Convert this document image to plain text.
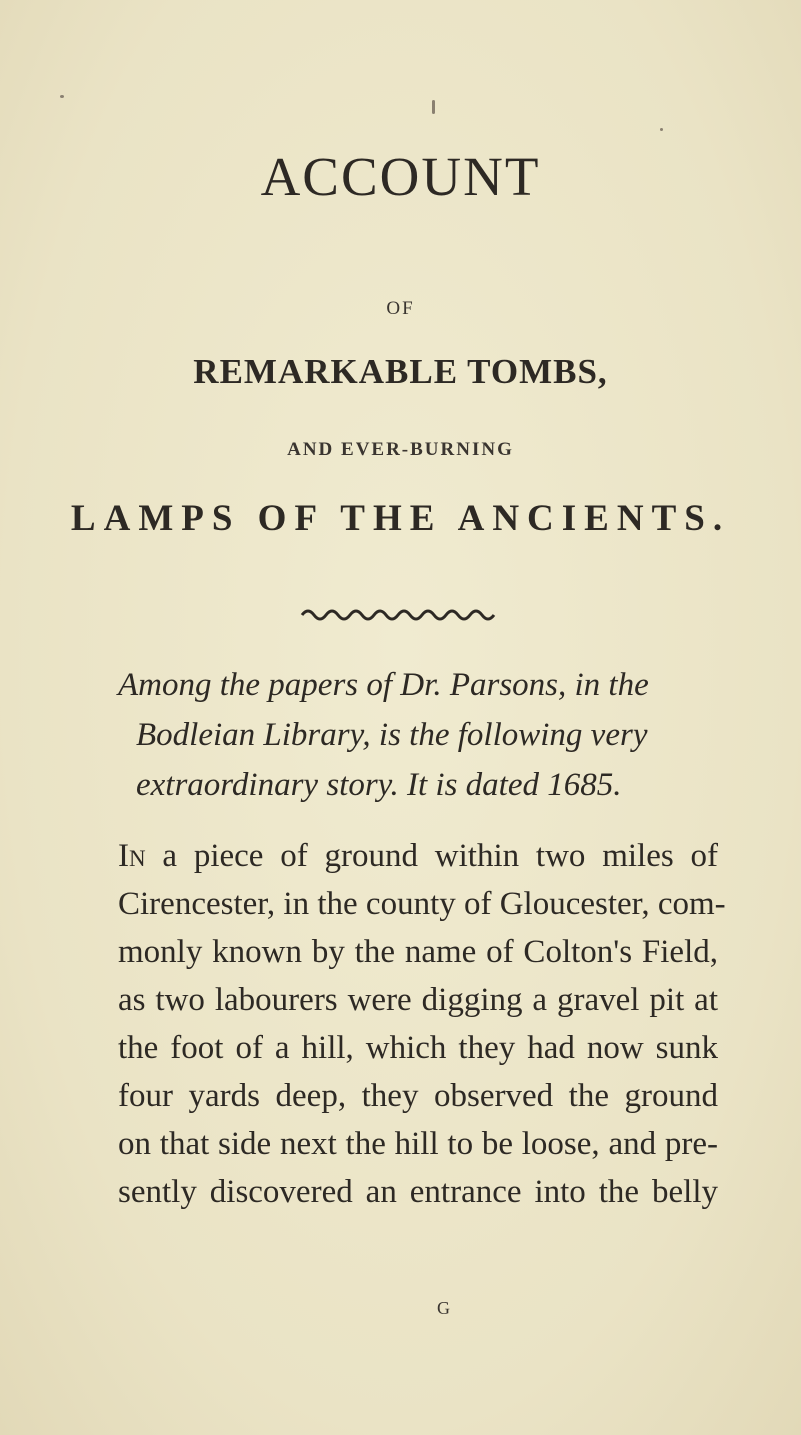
ACCOUNT
OF
REMARKABLE TOMBS,
AND EVER-BURNING
LAMPS OF THE ANCIENTS.
Among the papers of Dr. Parsons, in the
Bodleian Library, is the following very
extraordinary story. It is dated 1685.
In a piece of ground within two miles of
Cirencester, in the county of Gloucester, com-
monly known by the name of Colton's Field,
as two labourers were digging a gravel pit at
the foot of a hill, which they had now sunk
four yards deep, they observed the ground
on that side next the hill to be loose, and pre-
sently discovered an entrance into the belly
G
